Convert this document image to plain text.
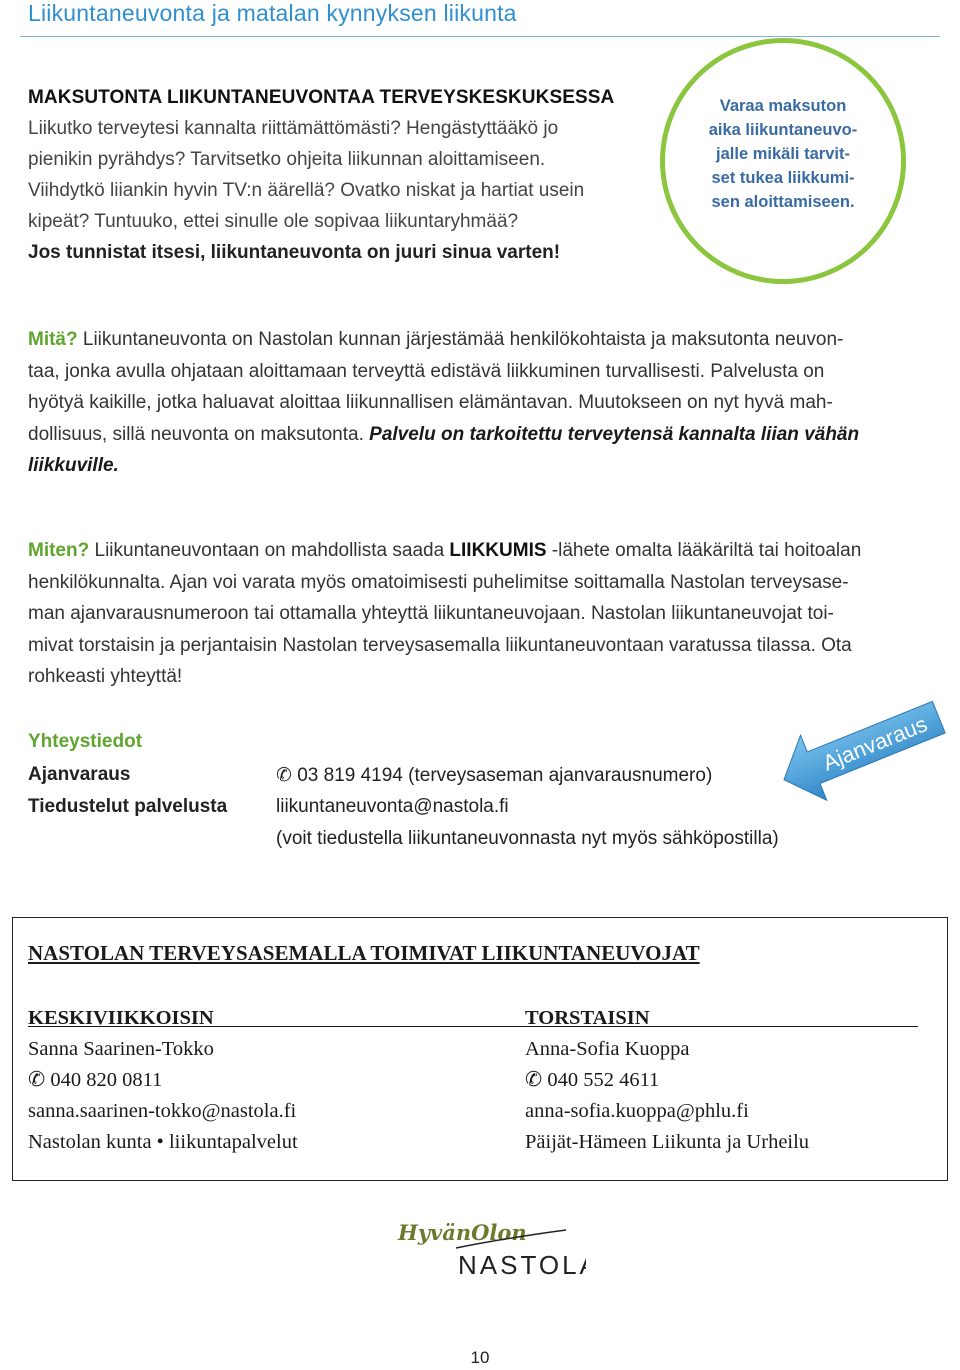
Liikuntaneuvonta ja matalan kynnyksen liikunta
MAKSUTONTA LIIKUNTANEUVONTAA TERVEYSKESKUKSESSA
Liikutko terveytesi kannalta riittämättömästi? Hengästyttääkö jo
pienikin pyrähdys? Tarvitsetko ohjeita liikunnan aloittamiseen.
Viihdytkö liiankin hyvin TV:n äärellä? Ovatko niskat ja hartiat usein
kipeät? Tuntuuko, ettei sinulle ole sopivaa liikuntaryhmää?
Jos tunnistat itsesi, liikuntaneuvonta on juuri sinua varten!
Varaa maksuton
aika liikuntaneuvo-
jalle mikäli tarvit-
set tukea liikkumi-
sen aloittamiseen.
Mitä? Liikuntaneuvonta on Nastolan kunnan järjestämää henkilökohtaista ja maksutonta neuvon-
taa, jonka avulla ohjataan aloittamaan terveyttä edistävä liikkuminen turvallisesti. Palvelusta on
hyötyä kaikille, jotka haluavat aloittaa liikunnallisen elämäntavan. Muutokseen on nyt hyvä mah-
dollisuus, sillä neuvonta on maksutonta. Palvelu on tarkoitettu terveytensä kannalta liian vähän
liikkuville.
Miten? Liikuntaneuvontaan on mahdollista saada LIIKKUMIS -lähete omalta lääkäriltä tai hoitoalan
henkilökunnalta. Ajan voi varata myös omatoimisesti puhelimitse soittamalla Nastolan terveysase-
man ajanvarausnumeroon tai ottamalla yhteyttä liikuntaneuvojaan. Nastolan liikuntaneuvojat toi-
mivat torstaisin ja perjantaisin Nastolan terveysasemalla liikuntaneuvontaan varatussa tilassa. Ota
rohkeasti yhteyttä!
Yhteystiedot
Ajanvaraus	✆ 03 819 4194 (terveysaseman ajanvarausnumero)
Tiedustelut palvelusta	liikuntaneuvonta@nastola.fi
(voit tiedustella liikuntaneuvonnasta nyt myös sähköpostilla)
Ajanvaraus
NASTOLAN TERVEYSASEMALLA TOIMIVAT LIIKUNTANEUVOJAT
KESKIVIIKKOISIN
Sanna Saarinen-Tokko
✆ 040 820 0811
sanna.saarinen-tokko@nastola.fi
Nastolan kunta • liikuntapalvelut
TORSTAISIN
Anna-Sofia Kuoppa
✆ 040 552 4611
anna-sofia.kuoppa@phlu.fi
Päijät-Hämeen Liikunta ja Urheilu
HyvänOlon
NASTOLA
10
